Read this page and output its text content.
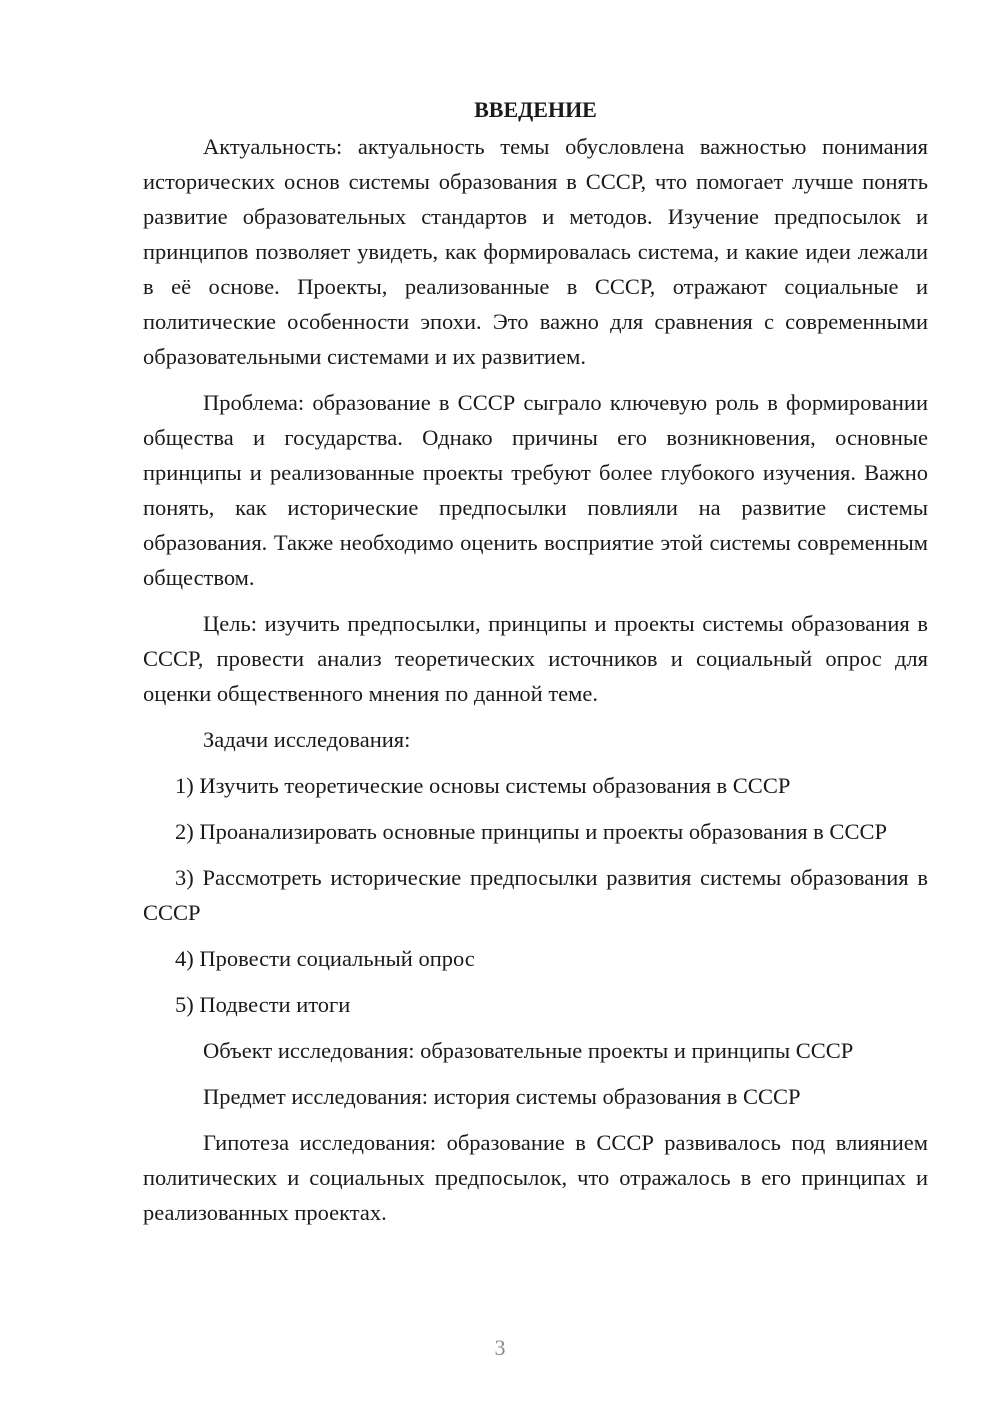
ВВЕДЕНИЕ

Актуальность: актуальность темы обусловлена важностью понимания исторических основ системы образования в СССР, что помогает лучше понять развитие образовательных стандартов и методов. Изучение предпосылок и принципов позволяет увидеть, как формировалась система, и какие идеи лежали в её основе. Проекты, реализованные в СССР, отражают социальные и политические особенности эпохи. Это важно для сравнения с современными образовательными системами и их развитием.

Проблема: образование в СССР сыграло ключевую роль в формировании общества и государства. Однако причины его возникновения, основные принципы и реализованные проекты требуют более глубокого изучения. Важно понять, как исторические предпосылки повлияли на развитие системы образования. Также необходимо оценить восприятие этой системы современным обществом.

Цель: изучить предпосылки, принципы и проекты системы образования в СССР, провести анализ теоретических источников и социальный опрос для оценки общественного мнения по данной теме.

Задачи исследования:

1) Изучить теоретические основы системы образования в СССР

2) Проанализировать основные принципы и проекты образования в СССР

3) Рассмотреть исторические предпосылки развития системы образования в СССР

4) Провести социальный опрос

5) Подвести итоги

Объект исследования: образовательные проекты и принципы СССР

Предмет исследования: история системы образования в СССР

Гипотеза исследования: образование в СССР развивалось под влиянием политических и социальных предпосылок, что отражалось в его принципах и реализованных проектах.

3
